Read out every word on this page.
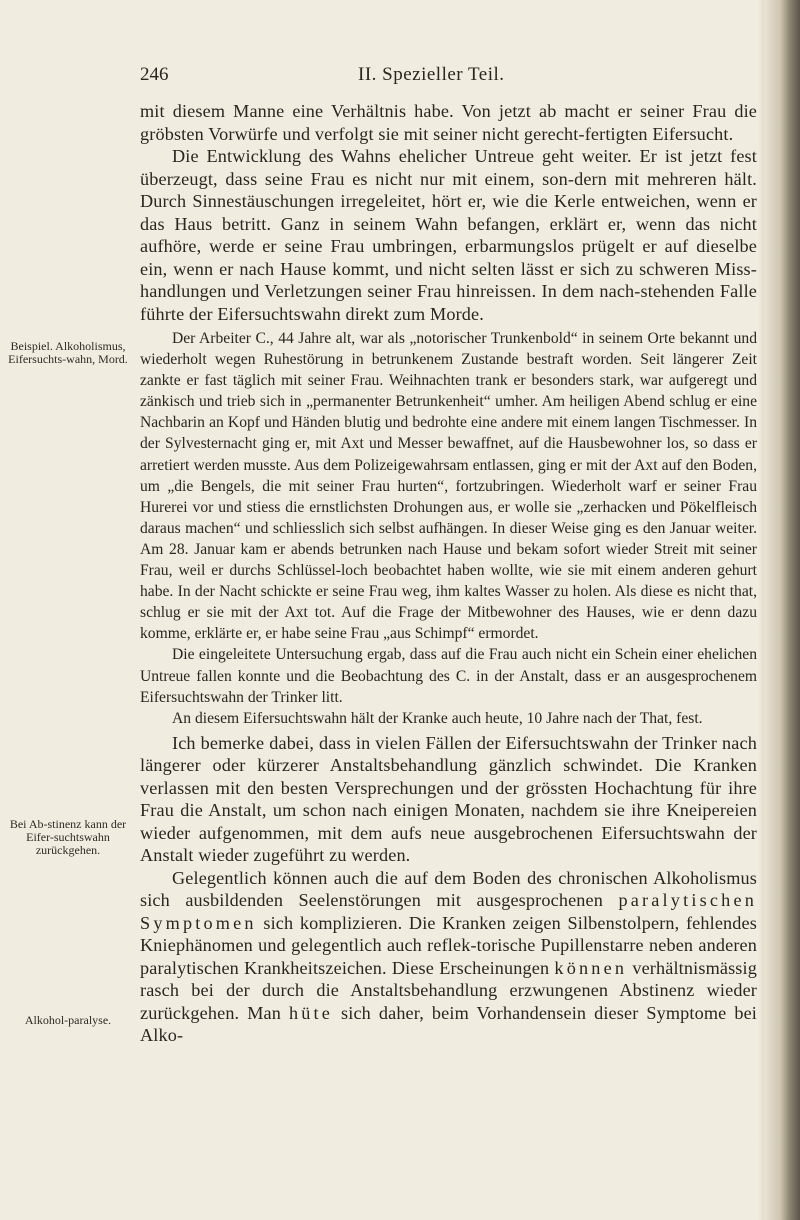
246	II. Spezieller Teil.
Beispiel. Alkoholismus, Eifersuchts-wahn, Mord.
Bei Ab-stinenz kann der Eifer-suchtswahn zurückgehen.
Alkohol-paralyse.

mit diesem Manne eine Verhältnis habe. Von jetzt ab macht er seiner Frau die gröbsten Vorwürfe und verfolgt sie mit seiner nicht gerecht-fertigten Eifersucht.

Die Entwicklung des Wahns ehelicher Untreue geht weiter. Er ist jetzt fest überzeugt, dass seine Frau es nicht nur mit einem, son-dern mit mehreren hält. Durch Sinnestäuschungen irregeleitet, hört er, wie die Kerle entweichen, wenn er das Haus betritt. Ganz in seinem Wahn befangen, erklärt er, wenn das nicht aufhöre, werde er seine Frau umbringen, erbarmungslos prügelt er auf dieselbe ein, wenn er nach Hause kommt, und nicht selten lässt er sich zu schweren Miss-handlungen und Verletzungen seiner Frau hinreissen. In dem nach-stehenden Falle führte der Eifersuchtswahn direkt zum Morde.

Der Arbeiter C., 44 Jahre alt, war als „notorischer Trunkenbold“ in seinem Orte bekannt und wiederholt wegen Ruhestörung in betrunkenem Zustande bestraft worden. Seit längerer Zeit zankte er fast täglich mit seiner Frau. Weihnachten trank er besonders stark, war aufgeregt und zänkisch und trieb sich in „permanenter Betrunkenheit“ umher. Am heiligen Abend schlug er eine Nachbarin an Kopf und Händen blutig und bedrohte eine andere mit einem langen Tischmesser. In der Sylvesternacht ging er, mit Axt und Messer bewaffnet, auf die Hausbewohner los, so dass er arretiert werden musste. Aus dem Polizeigewahrsam entlassen, ging er mit der Axt auf den Boden, um „die Bengels, die mit seiner Frau hurten“, fortzubringen. Wiederholt warf er seiner Frau Hurerei vor und stiess die ernstlichsten Drohungen aus, er wolle sie „zerhacken und Pökelfleisch daraus machen“ und schliesslich sich selbst aufhängen. In dieser Weise ging es den Januar weiter. Am 28. Januar kam er abends betrunken nach Hause und bekam sofort wieder Streit mit seiner Frau, weil er durchs Schlüssel-loch beobachtet haben wollte, wie sie mit einem anderen gehurt habe. In der Nacht schickte er seine Frau weg, ihm kaltes Wasser zu holen. Als diese es nicht that, schlug er sie mit der Axt tot. Auf die Frage der Mitbewohner des Hauses, wie er denn dazu komme, erklärte er, er habe seine Frau „aus Schimpf“ ermordet.

Die eingeleitete Untersuchung ergab, dass auf die Frau auch nicht ein Schein einer ehelichen Untreue fallen konnte und die Beobachtung des C. in der Anstalt, dass er an ausgesprochenem Eifersuchtswahn der Trinker litt.

An diesem Eifersuchtswahn hält der Kranke auch heute, 10 Jahre nach der That, fest.

Ich bemerke dabei, dass in vielen Fällen der Eifersuchtswahn der Trinker nach längerer oder kürzerer Anstaltsbehandlung gänzlich schwindet. Die Kranken verlassen mit den besten Versprechungen und der grössten Hochachtung für ihre Frau die Anstalt, um schon nach einigen Monaten, nachdem sie ihre Kneipereien wieder aufgenommen, mit dem aufs neue ausgebrochenen Eifersuchtswahn der Anstalt wieder zugeführt zu werden.

Gelegentlich können auch die auf dem Boden des chronischen Alkoholismus sich ausbildenden Seelenstörungen mit ausgesprochenen paralytischen Symptomen sich komplizieren. Die Kranken zeigen Silbenstolpern, fehlendes Kniephänomen und gelegentlich auch reflek-torische Pupillenstarre neben anderen paralytischen Krankheitszeichen. Diese Erscheinungen können verhältnismässig rasch bei der durch die Anstaltsbehandlung erzwungenen Abstinenz wieder zurückgehen. Man hüte sich daher, beim Vorhandensein dieser Symptome bei Alko-
